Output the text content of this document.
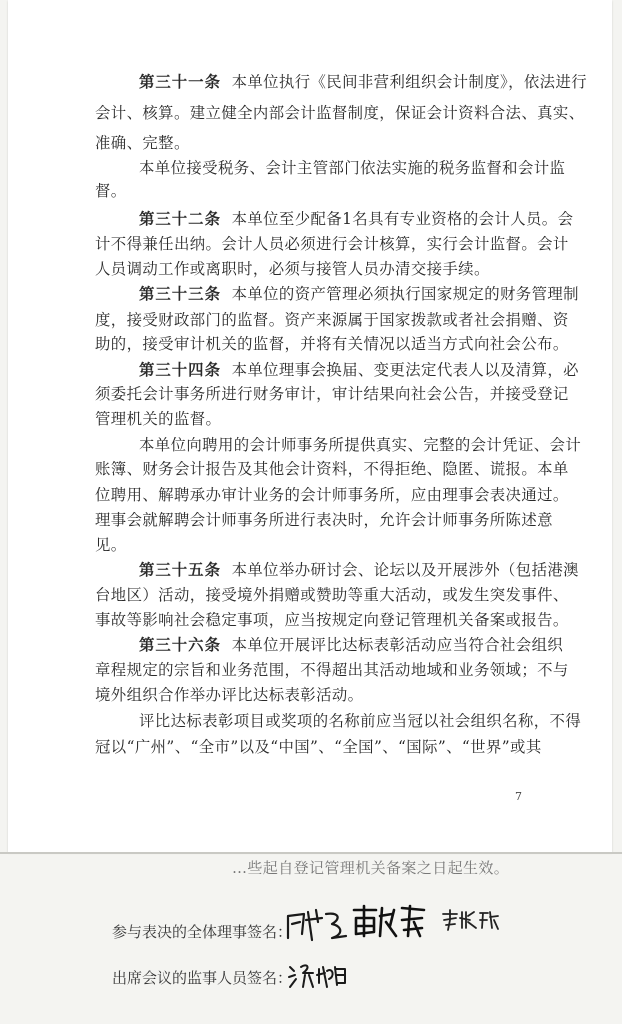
第三十一条 本单位执行《民间非营利组织会计制度》，依法进行
会计、核算。建立健全内部会计监督制度，保证会计资料合法、真实、
准确、完整。
本单位接受税务、会计主管部门依法实施的税务监督和会计监
督。
第三十二条 本单位至少配备1名具有专业资格的会计人员。会
计不得兼任出纳。会计人员必须进行会计核算，实行会计监督。会计
人员调动工作或离职时，必须与接管人员办清交接手续。
第三十三条 本单位的资产管理必须执行国家规定的财务管理制
度，接受财政部门的监督。资产来源属于国家拨款或者社会捐赠、资
助的，接受审计机关的监督，并将有关情况以适当方式向社会公布。
第三十四条 本单位理事会换届、变更法定代表人以及清算，必
须委托会计事务所进行财务审计，审计结果向社会公告，并接受登记
管理机关的监督。
本单位向聘用的会计师事务所提供真实、完整的会计凭证、会计
账簿、财务会计报告及其他会计资料，不得拒绝、隐匿、谎报。本单
位聘用、解聘承办审计业务的会计师事务所，应由理事会表决通过。
理事会就解聘会计师事务所进行表决时，允许会计师事务所陈述意
见。
第三十五条 本单位举办研讨会、论坛以及开展涉外（包括港澳
台地区）活动，接受境外捐赠或赞助等重大活动，或发生突发事件、
事故等影响社会稳定事项，应当按规定向登记管理机关备案或报告。
第三十六条 本单位开展评比达标表彰活动应当符合社会组织
章程规定的宗旨和业务范围，不得超出其活动地域和业务领域；不与
境外组织合作举办评比达标表彰活动。
评比达标表彰项目或奖项的名称前应当冠以社会组织名称，不得
冠以“广州”、“全市”以及“中国”、“全国”、“国际”、“世界”或其
7
…些起自登记管理机关备案之日起生效。
参与表决的全体理事签名：
出席会议的监事人员签名：
